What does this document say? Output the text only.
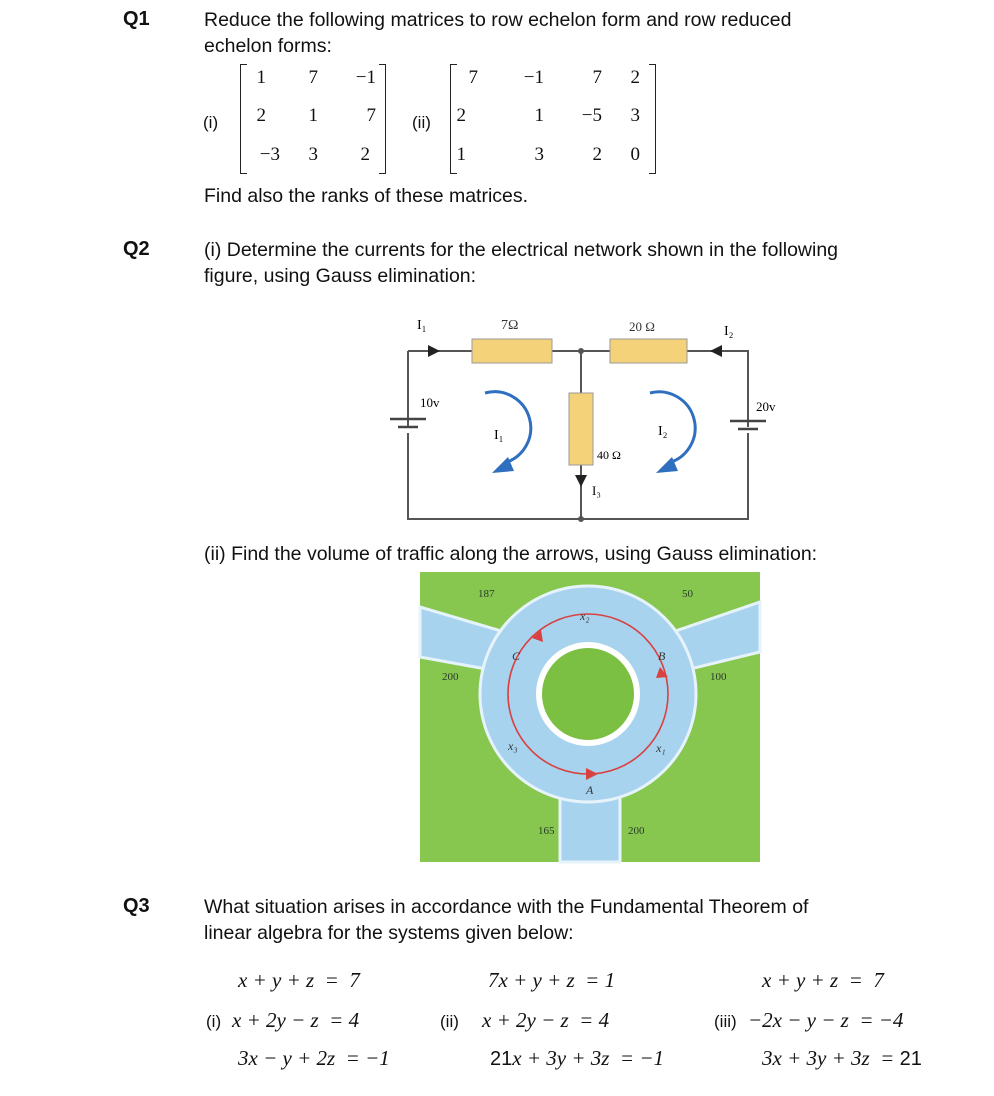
Q1	Reduce the following matrices to row echelon form and row reduced
echelon forms:
(i)
1	7	−1
2	1	7
−3	3	2
(ii)
7	−1	7	2
2	1	−5	3
1	3	2	0
Find also the ranks of these matrices.
Q2	(i) Determine the currents for the electrical network shown in the following
figure, using Gauss elimination:
I₁	7Ω	20 Ω	I₂
10v	20v
I₁	I₂
40 Ω
I₃
(ii) Find the volume of traffic along the arrows, using Gauss elimination:
187	50
200	100
165	200
x₂
x₃	x₁
A
B
C
Q3	What situation arises in accordance with the Fundamental Theorem of
linear algebra for the systems given below:
x + y + z  =  7
(i) x + 2y − z  = 4
3x − y + 2z  = −1
7x + y + z  = 1
(ii) x + 2y − z  = 4
21x + 3y + 3z  = −1
x + y + z  =  7
(iii) −2x − y − z  = −4
3x + 3y + 3z  = 21
